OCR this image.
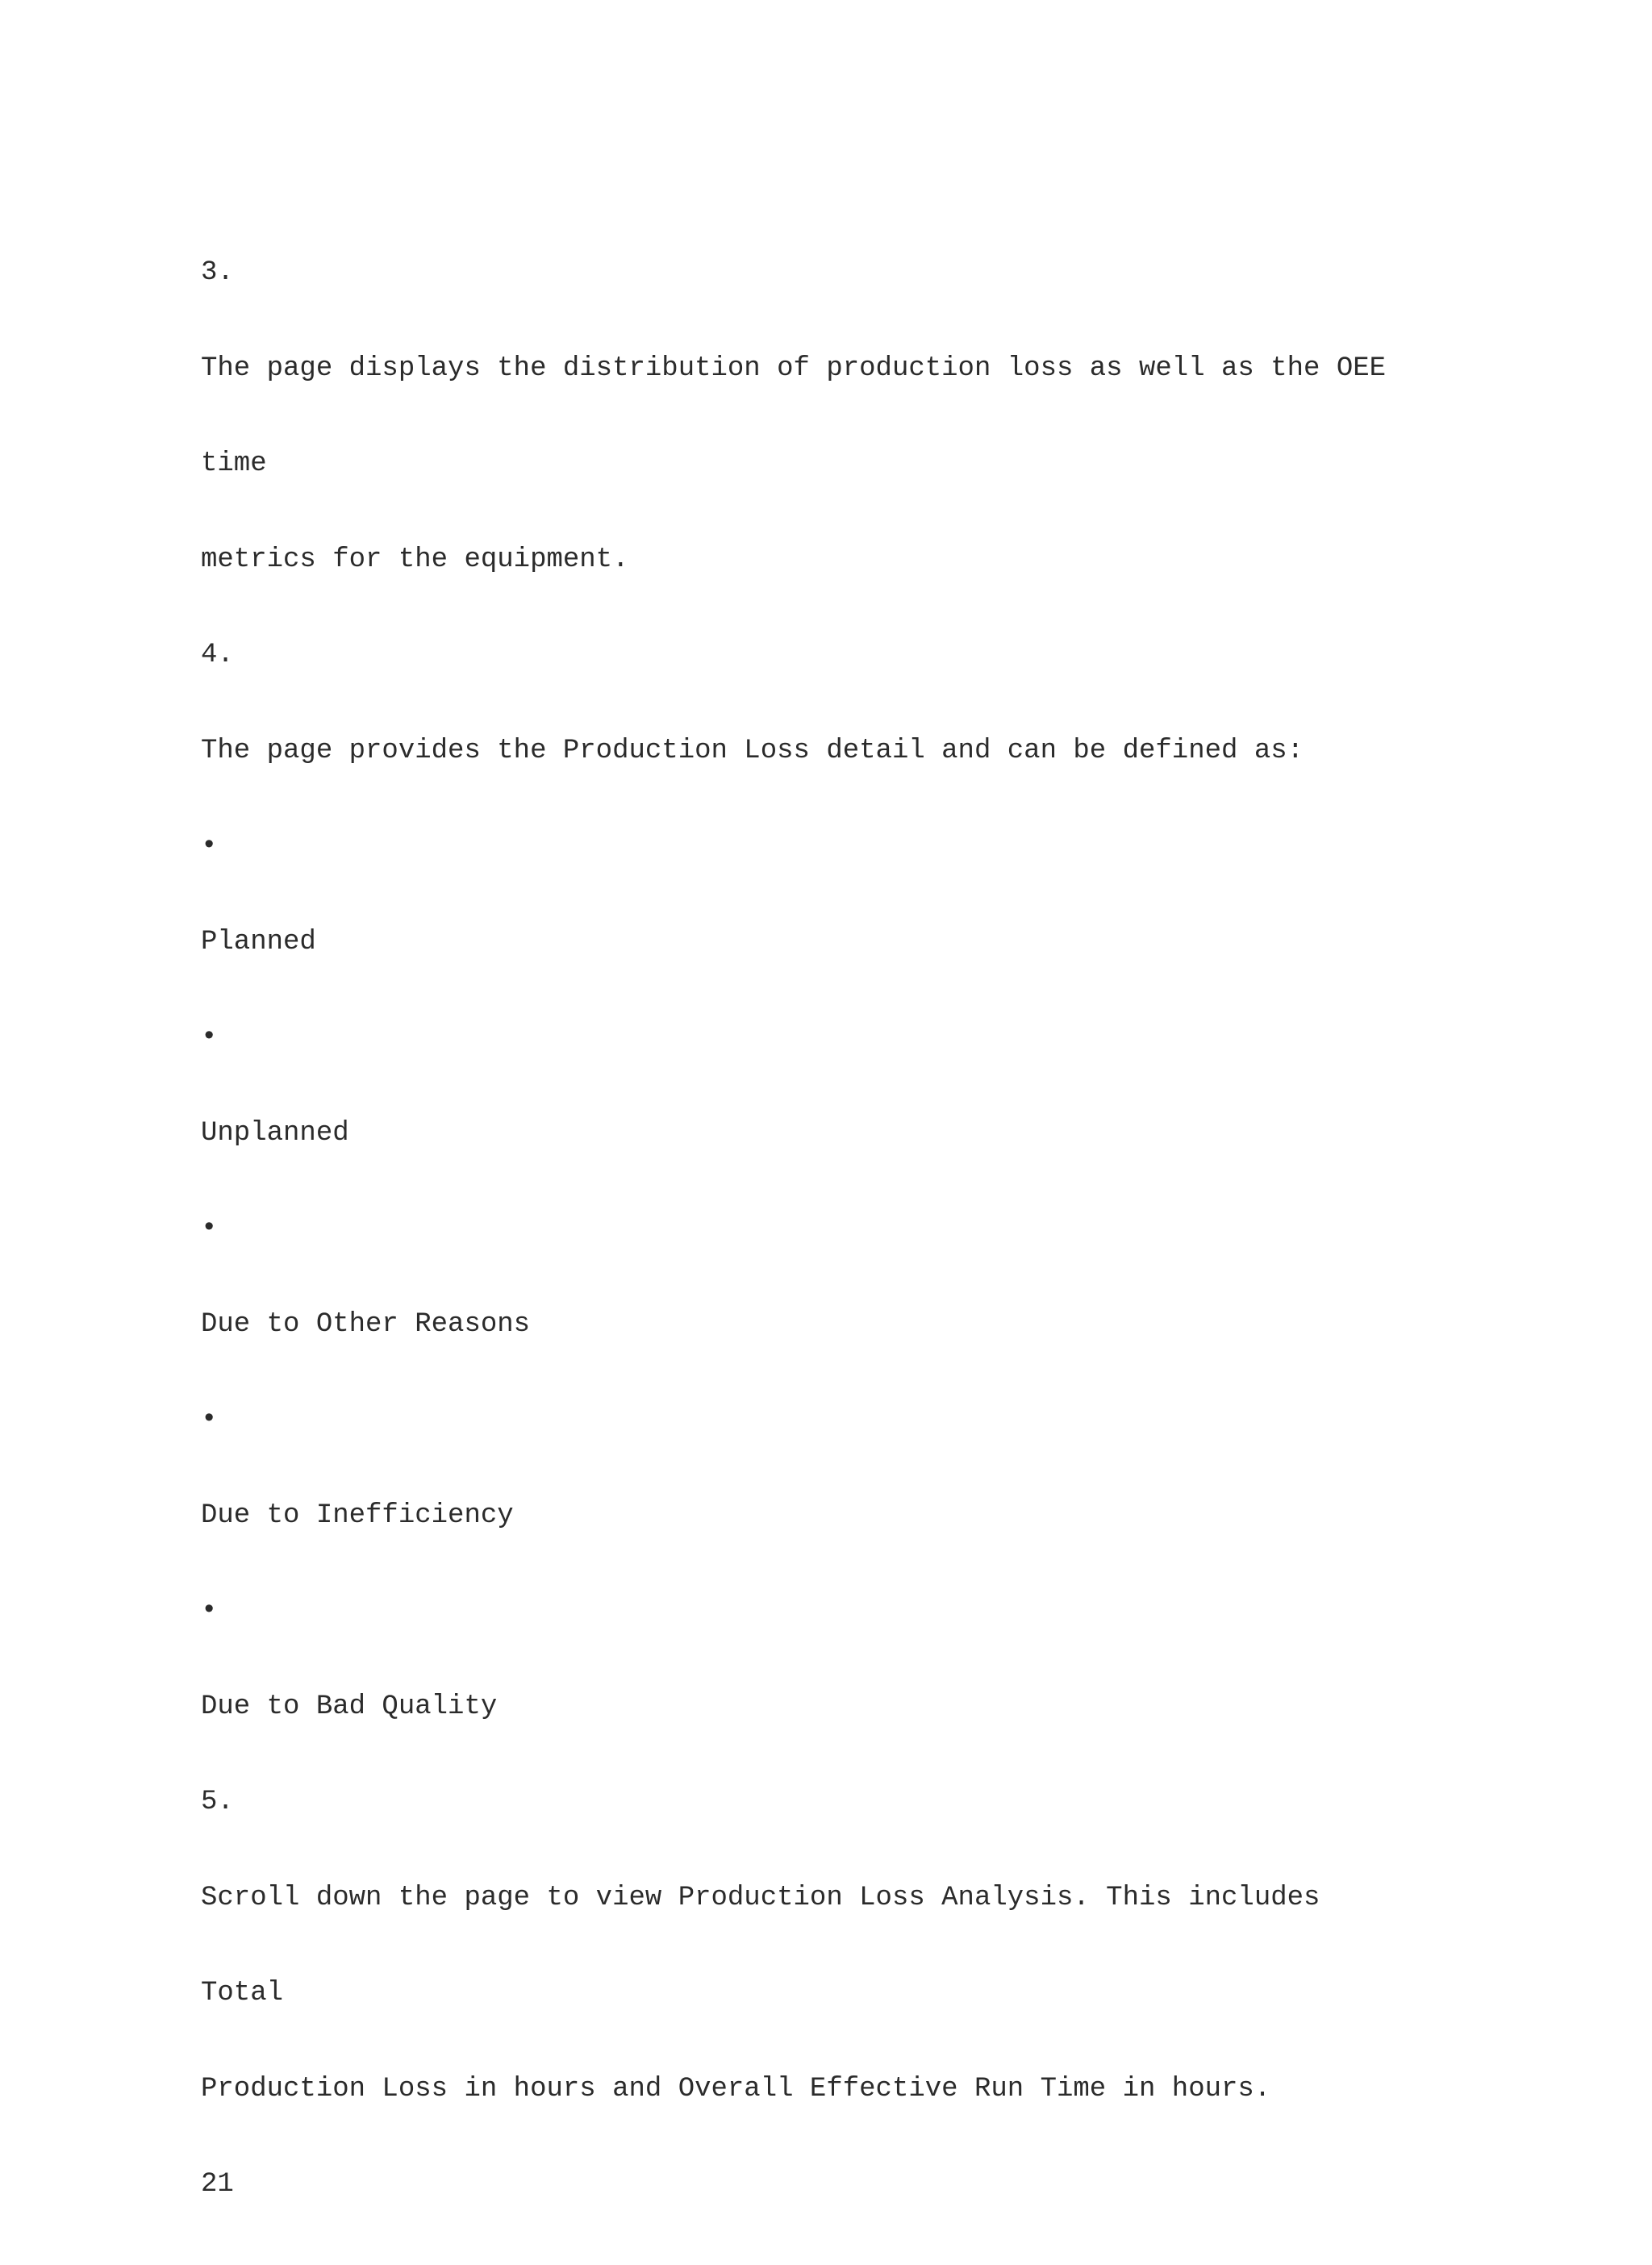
3.

The page displays the distribution of production loss as well as the OEE

time

metrics for the equipment.

4.

The page provides the Production Loss detail and can be defined as:

•

Planned

•

Unplanned

•

Due to Other Reasons

•

Due to Inefficiency

•

Due to Bad Quality

5.

Scroll down the page to view Production Loss Analysis. This includes

Total

Production Loss in hours and Overall Effective Run Time in hours.

21
